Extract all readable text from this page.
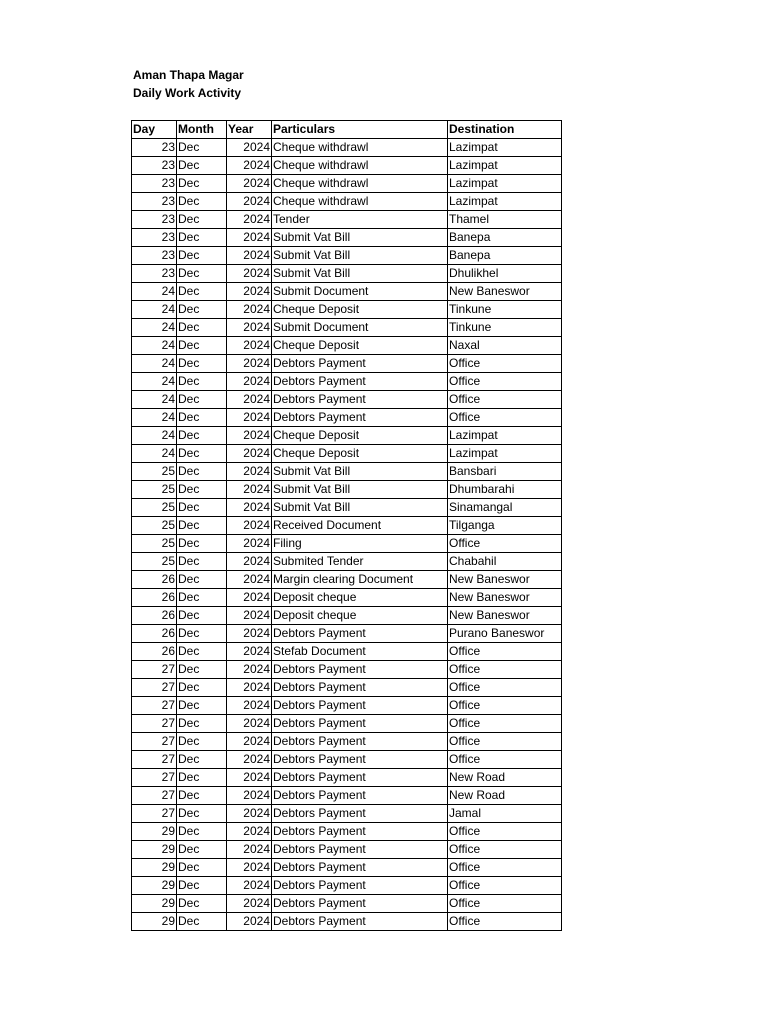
Aman Thapa Magar
Daily Work Activity
Day	Month	Year	Particulars	Destination
23	Dec	2024	Cheque withdrawl	Lazimpat
23	Dec	2024	Cheque withdrawl	Lazimpat
23	Dec	2024	Cheque withdrawl	Lazimpat
23	Dec	2024	Cheque withdrawl	Lazimpat
23	Dec	2024	Tender	Thamel
23	Dec	2024	Submit Vat Bill	Banepa
23	Dec	2024	Submit Vat Bill	Banepa
23	Dec	2024	Submit Vat Bill	Dhulikhel
24	Dec	2024	Submit Document	New Baneswor
24	Dec	2024	Cheque Deposit	Tinkune
24	Dec	2024	Submit Document	Tinkune
24	Dec	2024	Cheque Deposit	Naxal
24	Dec	2024	Debtors Payment	Office
24	Dec	2024	Debtors Payment	Office
24	Dec	2024	Debtors Payment	Office
24	Dec	2024	Debtors Payment	Office
24	Dec	2024	Cheque Deposit	Lazimpat
24	Dec	2024	Cheque Deposit	Lazimpat
25	Dec	2024	Submit Vat Bill	Bansbari
25	Dec	2024	Submit Vat Bill	Dhumbarahi
25	Dec	2024	Submit Vat Bill	Sinamangal
25	Dec	2024	Received Document	Tilganga
25	Dec	2024	Filing	Office
25	Dec	2024	Submited Tender	Chabahil
26	Dec	2024	Margin clearing Document	New Baneswor
26	Dec	2024	Deposit cheque	New Baneswor
26	Dec	2024	Deposit cheque	New Baneswor
26	Dec	2024	Debtors Payment	Purano Baneswor
26	Dec	2024	Stefab Document	Office
27	Dec	2024	Debtors Payment	Office
27	Dec	2024	Debtors Payment	Office
27	Dec	2024	Debtors Payment	Office
27	Dec	2024	Debtors Payment	Office
27	Dec	2024	Debtors Payment	Office
27	Dec	2024	Debtors Payment	Office
27	Dec	2024	Debtors Payment	New Road
27	Dec	2024	Debtors Payment	New Road
27	Dec	2024	Debtors Payment	Jamal
29	Dec	2024	Debtors Payment	Office
29	Dec	2024	Debtors Payment	Office
29	Dec	2024	Debtors Payment	Office
29	Dec	2024	Debtors Payment	Office
29	Dec	2024	Debtors Payment	Office
29	Dec	2024	Debtors Payment	Office
